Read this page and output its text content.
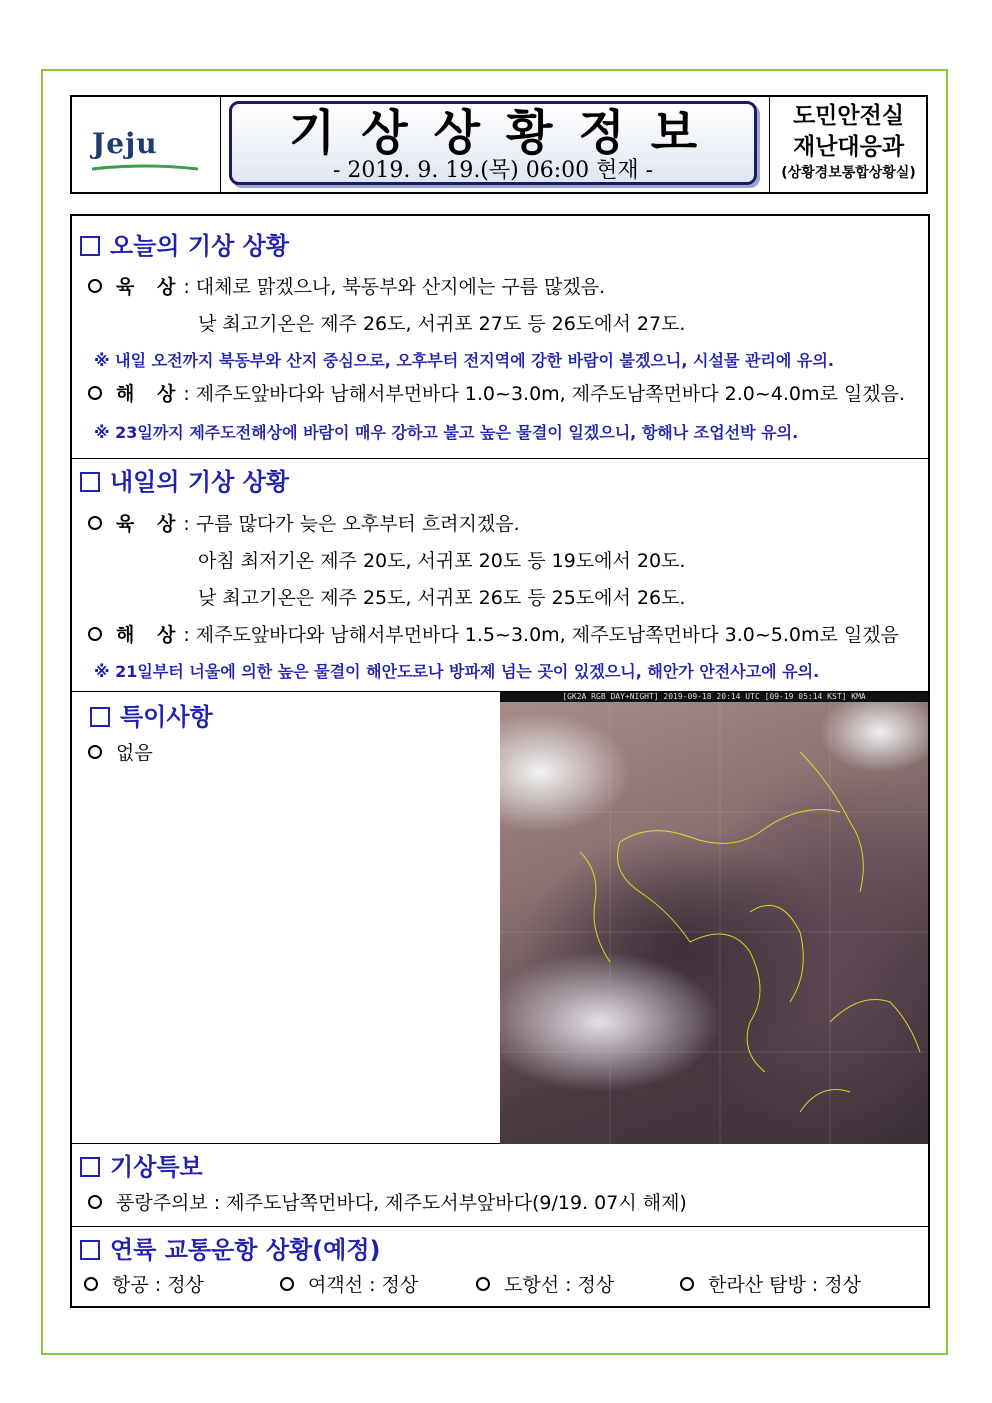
Jeju	기상상황정보
- 2019. 9. 19.(목) 06:00 현재 -
도민안전실
재난대응과
(상황경보통합상황실)
오늘의 기상 상황
육 상: 대체로 맑겠으나, 북동부와 산지에는 구름 많겠음.
낮 최고기온은 제주 26도, 서귀포 27도 등 26도에서 27도.
※ 내일 오전까지 북동부와 산지 중심으로, 오후부터 전지역에 강한 바람이 불겠으니, 시설물 관리에 유의.
해 상: 제주도앞바다와 남해서부먼바다 1.0~3.0m, 제주도남쪽먼바다 2.0~4.0m로 일겠음.
※ 23일까지 제주도전해상에 바람이 매우 강하고 불고 높은 물결이 일겠으니, 항해나 조업선박 유의.
내일의 기상 상황
육 상: 구름 많다가 늦은 오후부터 흐려지겠음.
아침 최저기온 제주 20도, 서귀포 20도 등 19도에서 20도.
낮 최고기온은 제주 25도, 서귀포 26도 등 25도에서 26도.
해 상: 제주도앞바다와 남해서부먼바다 1.5~3.0m, 제주도남쪽먼바다 3.0~5.0m로 일겠음
※ 21일부터 너울에 의한 높은 물결이 해안도로나 방파제 넘는 곳이 있겠으니, 해안가 안전사고에 유의.
특이사항
없음
[GK2A RGB DAY+NIGHT] 2019-09-18 20:14 UTC [09-19 05:14 KST] KMA
기상특보
풍랑주의보 : 제주도남쪽먼바다, 제주도서부앞바다(9/19. 07시 해제)
연륙 교통운항 상황(예정)
항공 : 정상	여객선 : 정상	도항선 : 정상	한라산 탐방 : 정상
